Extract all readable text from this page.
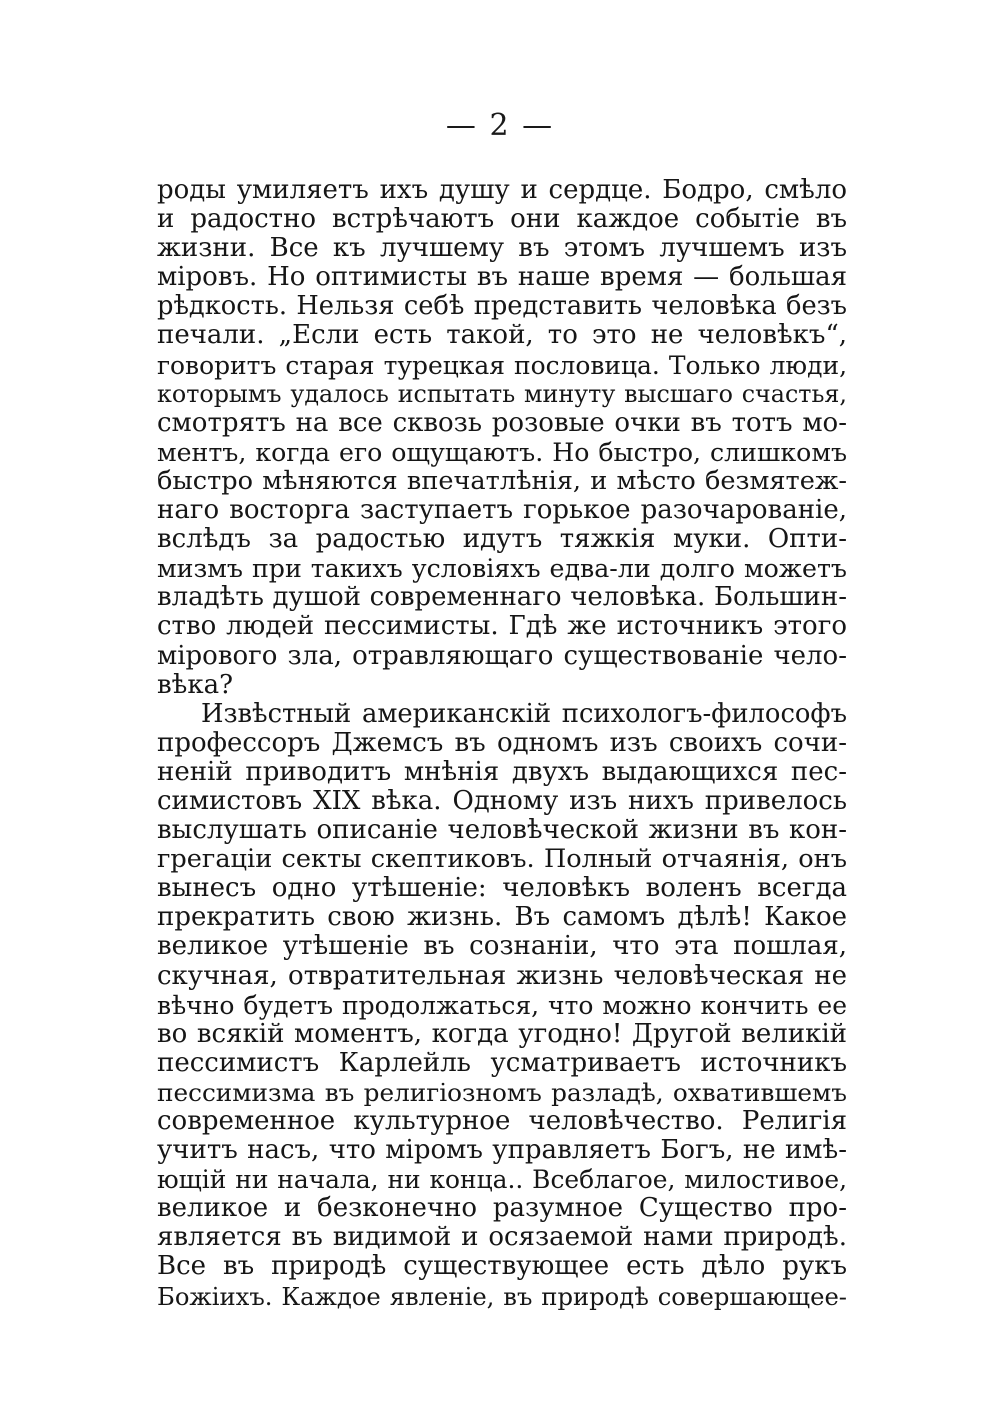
— 2 —
роды умиляетъ ихъ душу и сердце. Бодро, смѣло
и радостно встрѣчаютъ они каждое событіе въ
жизни. Все къ лучшему въ этомъ лучшемъ изъ
міровъ. Но оптимисты въ наше время — большая
рѣдкость. Нельзя себѣ представить человѣка безъ
печали. „Если есть такой, то это не человѣкъ“,
говоритъ старая турецкая пословица. Только люди,
которымъ удалось испытать минуту высшаго счастья,
смотрятъ на все сквозь розовые очки въ тотъ мо-
ментъ, когда его ощущаютъ. Но быстро, слишкомъ
быстро мѣняются впечатлѣнія, и мѣсто безмятеж-
наго восторга заступаетъ горькое разочарованіе,
вслѣдъ за радостью идутъ тяжкія муки. Опти-
мизмъ при такихъ условіяхъ едва-ли долго можетъ
владѣть душой современнаго человѣка. Большин-
ство людей пессимисты. Гдѣ же источникъ этого
мірового зла, отравляющаго существованіе чело-
вѣка?
Извѣстный американскій психологъ-философъ
профессоръ Джемсъ въ одномъ изъ своихъ сочи-
неній приводитъ мнѣнія двухъ выдающихся пес-
симистовъ XIX вѣка. Одному изъ нихъ привелось
выслушать описаніе человѣческой жизни въ кон-
грегаціи секты скептиковъ. Полный отчаянія, онъ
вынесъ одно утѣшеніе: человѣкъ воленъ всегда
прекратить свою жизнь. Въ самомъ дѣлѣ! Какое
великое утѣшеніе въ сознаніи, что эта пошлая,
скучная, отвратительная жизнь человѣческая не
вѣчно будетъ продолжаться, что можно кончить ее
во всякій моментъ, когда угодно! Другой великій
пессимистъ Карлейль усматриваетъ источникъ
пессимизма въ религіозномъ разладѣ, охватившемъ
современное культурное человѣчество. Религія
учитъ насъ, что міромъ управляетъ Богъ, не имѣ-
ющій ни начала, ни конца.. Всеблагое, милостивое,
великое и безконечно разумное Существо про-
является въ видимой и осязаемой нами природѣ.
Все въ природѣ существующее есть дѣло рукъ
Божіихъ. Каждое явленіе, въ природѣ совершающее-
